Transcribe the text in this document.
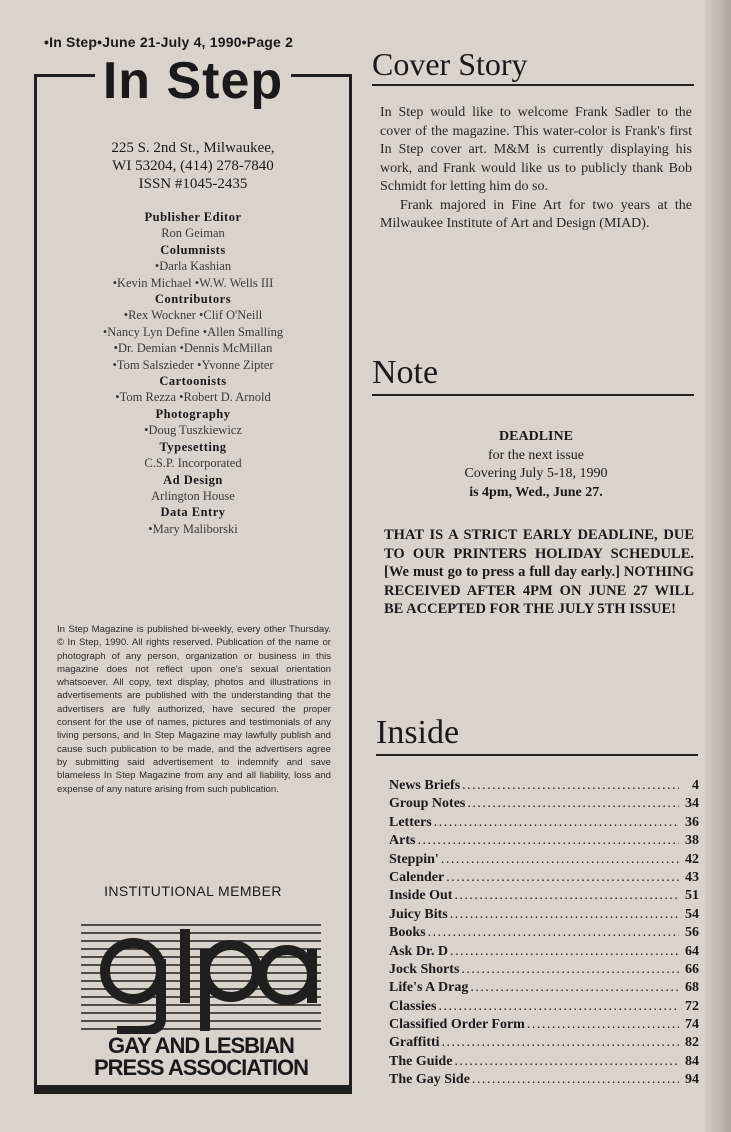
•In Step•June 21-July 4, 1990•Page 2
In Step
225 S. 2nd St., Milwaukee,
WI 53204, (414) 278-7840
ISSN #1045-2435
Publisher Editor
Ron Geiman
Columnists
•Darla Kashian
•Kevin Michael •W.W. Wells III
Contributors
•Rex Wockner •Clif O'Neill
•Nancy Lyn Define •Allen Smalling
•Dr. Demian •Dennis McMillan
•Tom Salszieder •Yvonne Zipter
Cartoonists
•Tom Rezza •Robert D. Arnold
Photography
•Doug Tuszkiewicz
Typesetting
C.S.P. Incorporated
Ad Design
Arlington House
Data Entry
•Mary Maliborski
In Step Magazine is published bi-weekly, every other Thursday. © In Step, 1990. All rights reserved. Publication of the name or photograph of any person, organization or business in this magazine does not reflect upon one's sexual orientation whatsoever. All copy, text display, photos and illustrations in advertisements are published with the understanding that the advertisers are fully authorized, have secured the proper consent for the use of names, pictures and testimonials of any living persons, and In Step Magazine may lawfully publish and cause such publication to be made, and the advertisers agree by submitting said advertisement to indemnify and save blameless In Step Magazine from any and all liability, loss and expense of any nature arising from such publication.
INSTITUTIONAL MEMBER
GAY AND LESBIAN
PRESS ASSOCIATION
Cover Story

In Step would like to welcome Frank Sadler to the cover of the magazine. This water-color is Frank's first In Step cover art. M&M is currently displaying his work, and Frank would like us to publicly thank Bob Schmidt for letting him do so.

Frank majored in Fine Art for two years at the Milwaukee Institute of Art and Design (MIAD).

Note
DEADLINE
for the next issue
Covering July 5-18, 1990
is 4pm, Wed., June 27.
THAT IS A STRICT EARLY DEADLINE, DUE TO OUR PRINTERS HOLIDAY SCHEDULE. [We must go to press a full day early.] NOTHING RECEIVED AFTER 4PM ON JUNE 27 WILL BE ACCEPTED FOR THE JULY 5TH ISSUE!
Inside
News Briefs . . .	4
Group Notes . . .	34
Letters . . .	36
Arts . . .	38
Steppin' . . .	42
Calender . . .	43
Inside Out . . .	51
Juicy Bits . . .	54
Books . . .	56
Ask Dr. D . . .	64
Jock Shorts . . .	66
Life's A Drag . . .	68
Classies . . .	72
Classified Order Form . . .	74
Graffitti . . .	82
The Guide . . .	84
The Gay Side . . .	94
